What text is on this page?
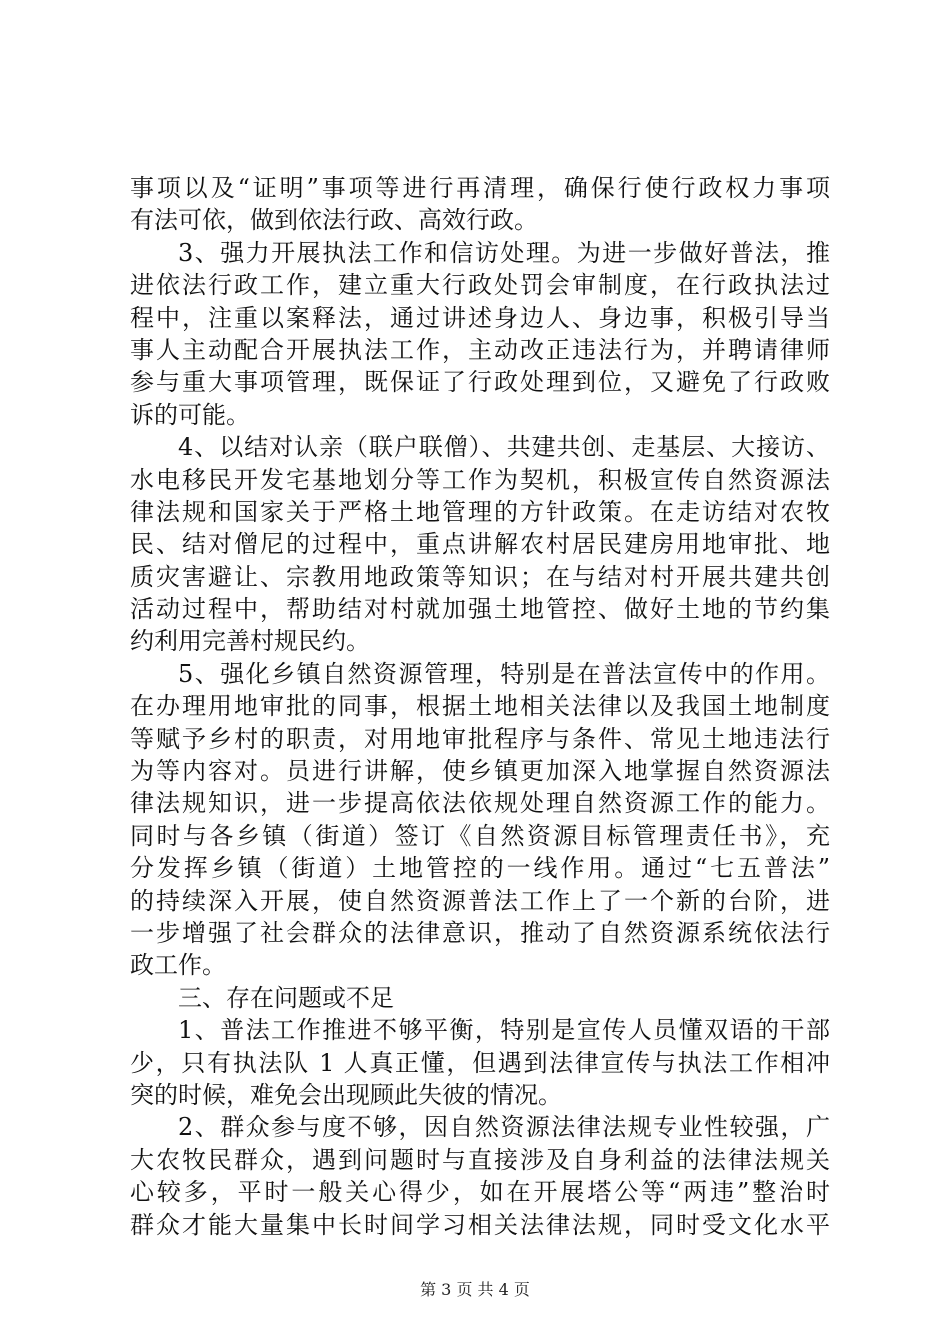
事项以及“证明”事项等进行再清理，确保行使行政权力事项
有法可依，做到依法行政、高效行政。
3、强力开展执法工作和信访处理。为进一步做好普法，推
进依法行政工作，建立重大行政处罚会审制度，在行政执法过
程中，注重以案释法，通过讲述身边人、身边事，积极引导当
事人主动配合开展执法工作，主动改正违法行为，并聘请律师
参与重大事项管理，既保证了行政处理到位，又避免了行政败
诉的可能。
4、以结对认亲（联户联僧）、共建共创、走基层、大接访、
水电移民开发宅基地划分等工作为契机，积极宣传自然资源法
律法规和国家关于严格土地管理的方针政策。在走访结对农牧
民、结对僧尼的过程中，重点讲解农村居民建房用地审批、地
质灾害避让、宗教用地政策等知识；在与结对村开展共建共创
活动过程中，帮助结对村就加强土地管控、做好土地的节约集
约利用完善村规民约。
5、强化乡镇自然资源管理，特别是在普法宣传中的作用。
在办理用地审批的同事，根据土地相关法律以及我国土地制度
等赋予乡村的职责，对用地审批程序与条件、常见土地违法行
为等内容对。员进行讲解，使乡镇更加深入地掌握自然资源法
律法规知识，进一步提高依法依规处理自然资源工作的能力。
同时与各乡镇（街道）签订《自然资源目标管理责任书》，充
分发挥乡镇（街道）土地管控的一线作用。通过“七五普法”
的持续深入开展，使自然资源普法工作上了一个新的台阶，进
一步增强了社会群众的法律意识，推动了自然资源系统依法行
政工作。
三、存在问题或不足
1、普法工作推进不够平衡，特别是宣传人员懂双语的干部
少，只有执法队 1 人真正懂，但遇到法律宣传与执法工作相冲
突的时候，难免会出现顾此失彼的情况。
2、群众参与度不够，因自然资源法律法规专业性较强，广
大农牧民群众，遇到问题时与直接涉及自身利益的法律法规关
心较多，平时一般关心得少，如在开展塔公等“两违”整治时
群众才能大量集中长时间学习相关法律法规，同时受文化水平
第 3 页 共 4 页
